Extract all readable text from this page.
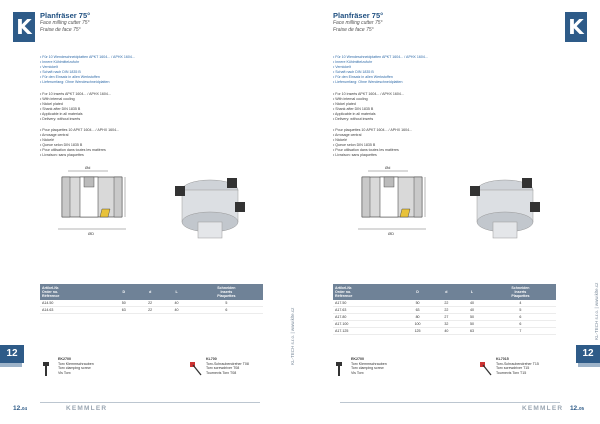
K	Planfräser 75°
Face milling cutter 75°
Fraise de face 75°
• Für 10 Wendeschneidplatten APKT 1604... / APHX 1604...
• Innere Kühlmittelzufuhr
• Vernickelt
• Schaft nach DIN 1835 B
• Für den Einsatz in allen Werkstoffen
• Lieferumfang: Ohne Wendeschneidplatten
• For 10 inserts APKT 1604... / APHX 1604...
• With internal cooling
• Nickel plated
• Shank after DIN 1835 B
• Applicable in all materials
• Delivery: without inserts
• Pour plaquettes 10 APKT 1604... / APHX 1604...
• Arrosage central
• Nickelé
• Queue selon DIN 1835 B
• Pour utilisation dans toutes les matières
• Livraison: sans plaquettes
Ød
ØD
Artikel-Nr.
Order no.
Référence	D	d	L	Schneiden
Inserts
Plaquettes
A14.50	50	22	40	5
A14.63	63	22	40	6
12	EK2700
Torx Klemmschrauben
Torx clamping screw
Vis Torx
KL700
Torx-Schraubendreher T08
Torx screwdriver T08
Tournevis Torx T08
KL-TECH s.r.o. | www.klte.cz
12.04	KEMMLER
K
Planfräser 75°
Face milling cutter 75°
Fraise de face 75°
• Für 10 Wendeschneidplatten APKT 1604... / APHX 1604...
• Innere Kühlmittelzufuhr
• Vernickelt
• Schaft nach DIN 1835 B
• Für den Einsatz in allen Werkstoffen
• Lieferumfang: Ohne Wendeschneidplatten
• For 10 inserts APKT 1604... / APHX 1604...
• With internal cooling
• Nickel plated
• Shank after DIN 1835 B
• Applicable in all materials
• Delivery: without inserts
• Pour plaquettes 10 APKT 1604... / APHX 1604...
• Arrosage central
• Nickelé
• Queue selon DIN 1835 B
• Pour utilisation dans toutes les matières
• Livraison: sans plaquettes
Ød
ØD
Artikel-Nr.
Order no.
Référence	D	d	L	Schneiden
Inserts
Plaquettes
A17.50	50	22	40	4
A17.63	63	22	40	5
A17.80	80	27	50	6
A17.100	100	32	50	6
A17.125	125	40	63	7
12
EK2700
Torx Klemmschrauben
Torx clamping screw
Vis Torx
KL7015
Torx-Schraubendreher T15
Torx screwdriver T15
Tournevis Torx T15
KL-TECH s.r.o. | www.klte.cz
KEMMLER 12.05
